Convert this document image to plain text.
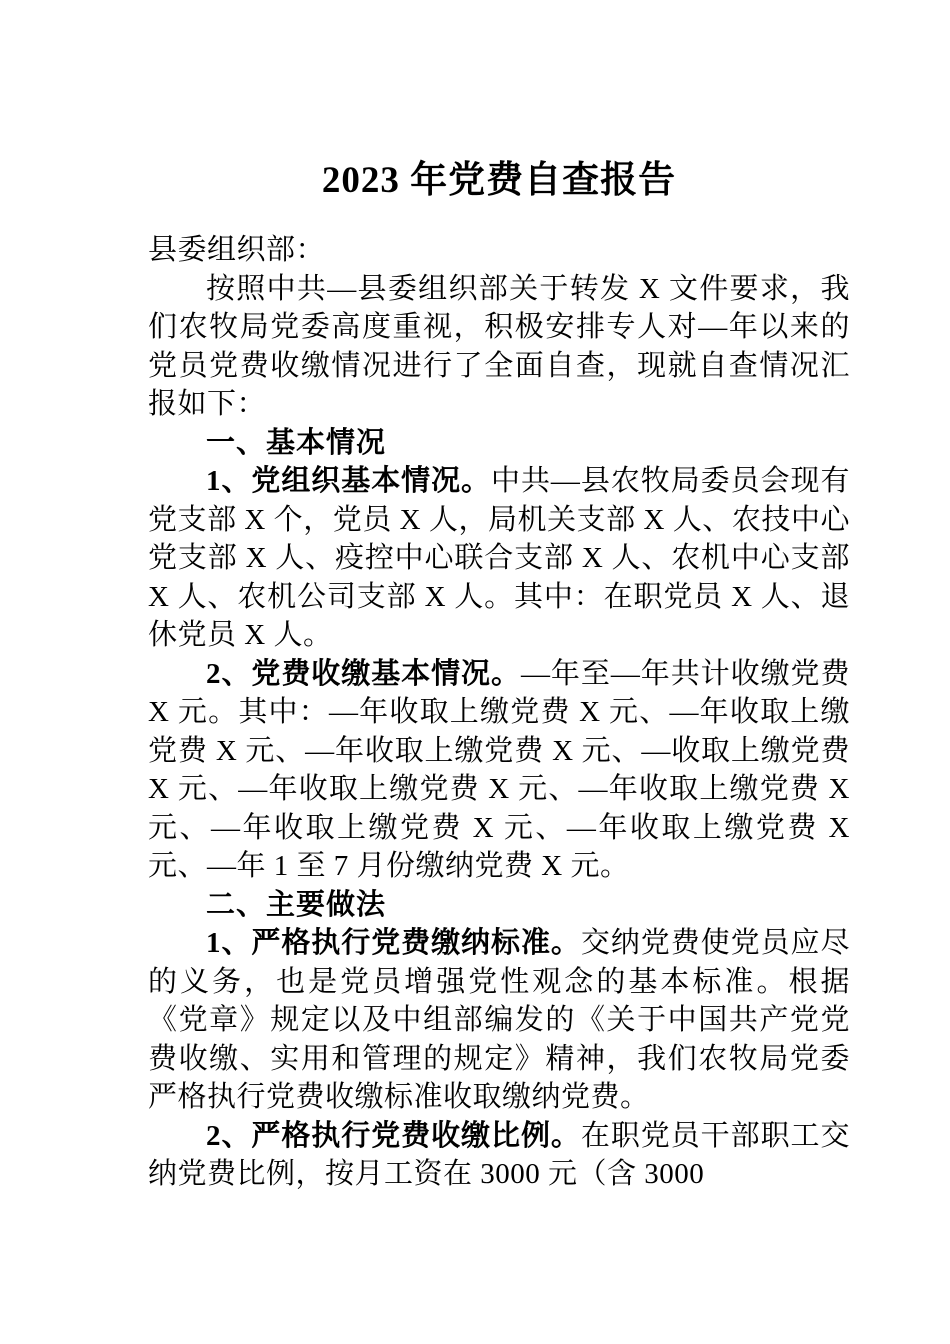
2023 年党费自查报告

县委组织部：

按照中共—县委组织部关于转发 X 文件要求，我们农牧局党委高度重视，积极安排专人对—年以来的党员党费收缴情况进行了全面自查，现就自查情况汇报如下：

一、基本情况

1、党组织基本情况。中共—县农牧局委员会现有党支部 X 个，党员 X 人，局机关支部 X 人、农技中心党支部 X 人、疫控中心联合支部 X 人、农机中心支部 X 人、农机公司支部 X 人。其中：在职党员 X 人、退休党员 X 人。

2、党费收缴基本情况。—年至—年共计收缴党费 X 元。其中：—年收取上缴党费 X 元、—年收取上缴党费 X 元、—年收取上缴党费 X 元、—收取上缴党费 X 元、—年收取上缴党费 X 元、—年收取上缴党费 X 元、—年收取上缴党费 X 元、—年收取上缴党费 X 元、—年 1 至 7 月份缴纳党费 X 元。

二、主要做法

1、严格执行党费缴纳标准。交纳党费使党员应尽的义务，也是党员增强党性观念的基本标准。根据《党章》规定以及中组部编发的《关于中国共产党党费收缴、实用和管理的规定》精神，我们农牧局党委严格执行党费收缴标准收取缴纳党费。

2、严格执行党费收缴比例。在职党员干部职工交纳党费比例，按月工资在 3000 元（含 3000
